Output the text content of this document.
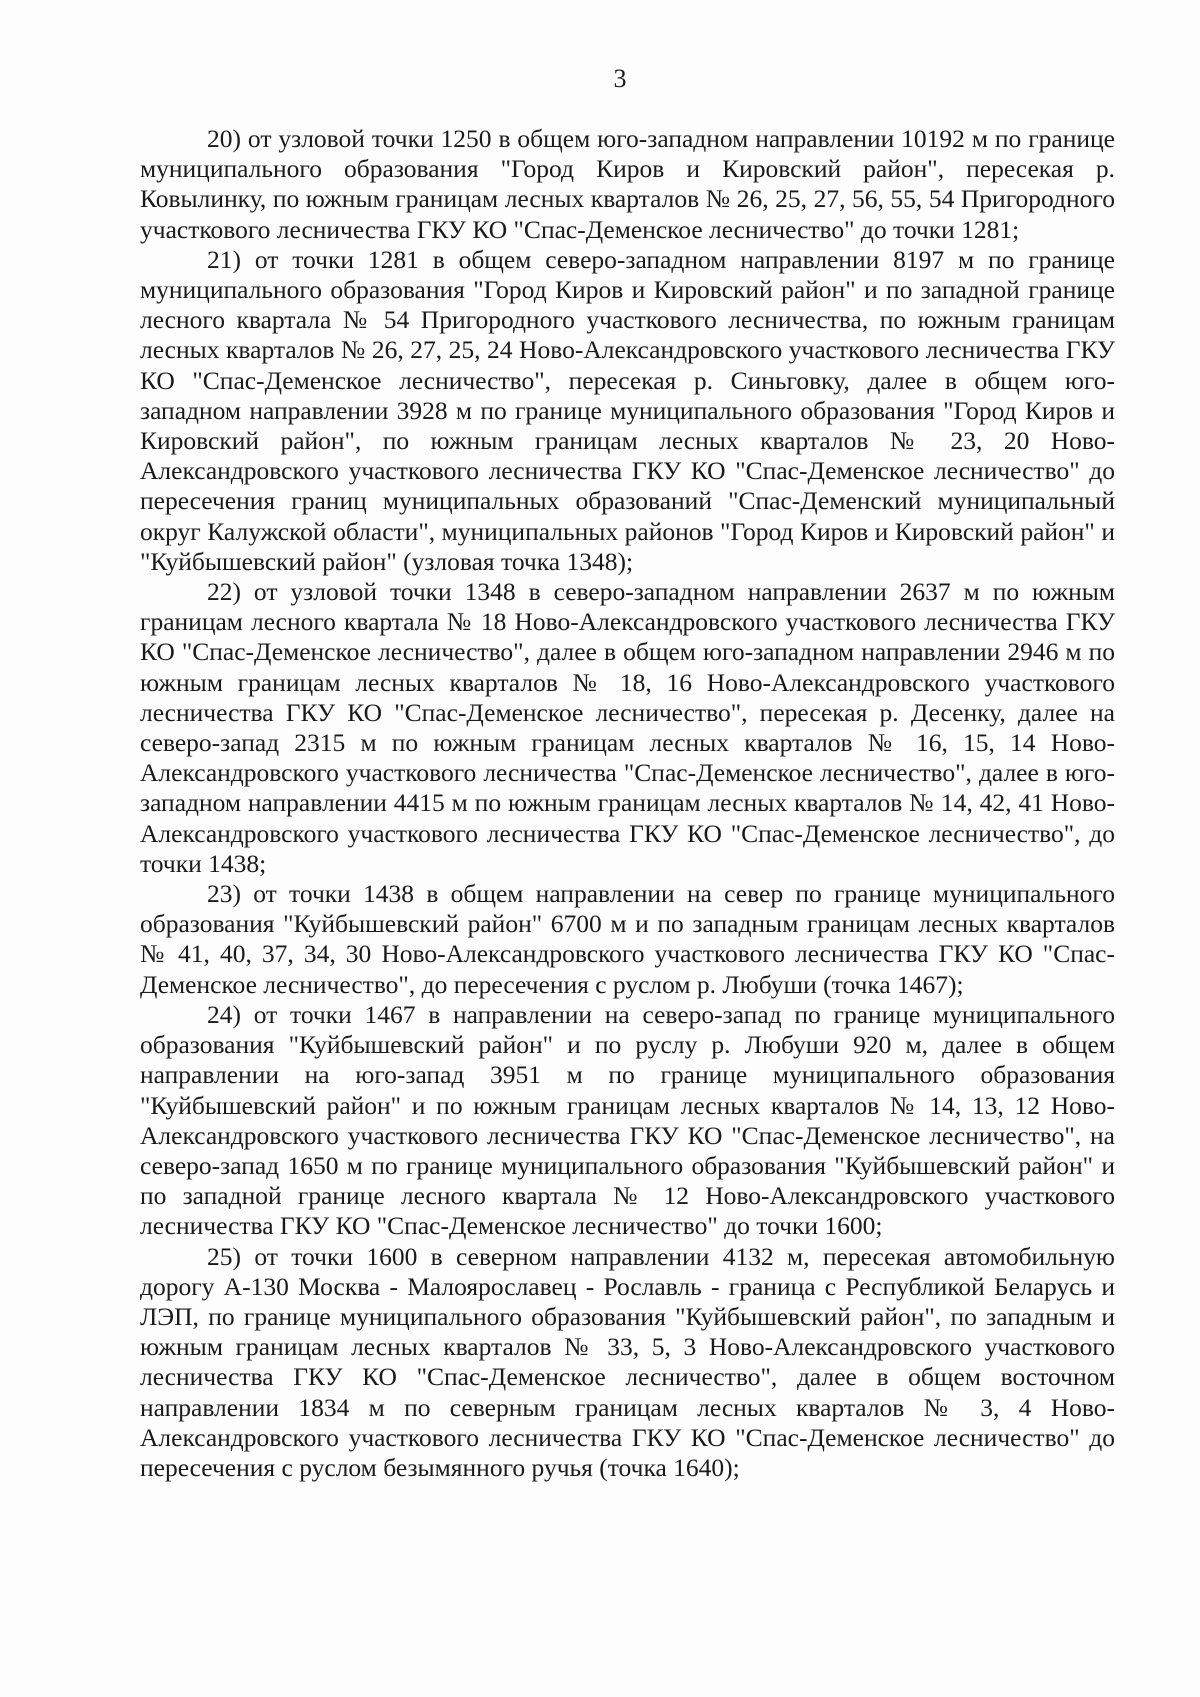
3

20) от узловой точки 1250 в общем юго-западном направлении 10192 м по границе муниципального образования "Город Киров и Кировский район", пересекая р. Ковылинку, по южным границам лесных кварталов № 26, 25, 27, 56, 55, 54 Пригородного участкового лесничества ГКУ КО "Спас-Деменское лесничество" до точки 1281;

21) от точки 1281 в общем северо-западном направлении 8197 м по границе муниципального образования "Город Киров и Кировский район" и по западной границе лесного квартала № 54 Пригородного участкового лесничества, по южным границам лесных кварталов № 26, 27, 25, 24 Ново-Александровского участкового лесничества ГКУ КО "Спас-Деменское лесничество", пересекая р. Синьговку, далее в общем юго-западном направлении 3928 м по границе муниципального образования "Город Киров и Кировский район", по южным границам лесных кварталов № 23, 20 Ново-Александровского участкового лесничества ГКУ КО "Спас-Деменское лесничество" до пересечения границ муниципальных образований "Спас-Деменский муниципальный округ Калужской области", муниципальных районов "Город Киров и Кировский район" и "Куйбышевский район" (узловая точка 1348);

22) от узловой точки 1348 в северо-западном направлении 2637 м по южным границам лесного квартала № 18 Ново-Александровского участкового лесничества ГКУ КО "Спас-Деменское лесничество", далее в общем юго-западном направлении 2946 м по южным границам лесных кварталов № 18, 16 Ново-Александровского участкового лесничества ГКУ КО "Спас-Деменское лесничество", пересекая р. Десенку, далее на северо-запад 2315 м по южным границам лесных кварталов № 16, 15, 14 Ново-Александровского участкового лесничества "Спас-Деменское лесничество", далее в юго-западном направлении 4415 м по южным границам лесных кварталов № 14, 42, 41 Ново-Александровского участкового лесничества ГКУ КО "Спас-Деменское лесничество", до точки 1438;

23) от точки 1438 в общем направлении на север по границе муниципального образования "Куйбышевский район" 6700 м и по западным границам лесных кварталов № 41, 40, 37, 34, 30 Ново-Александровского участкового лесничества ГКУ КО "Спас-Деменское лесничество", до пересечения с руслом р. Любуши (точка 1467);

24) от точки 1467 в направлении на северо-запад по границе муниципального образования "Куйбышевский район" и по руслу р. Любуши 920 м, далее в общем направлении на юго-запад 3951 м по границе муниципального образования "Куйбышевский район" и по южным границам лесных кварталов № 14, 13, 12 Ново-Александровского участкового лесничества ГКУ КО "Спас-Деменское лесничество", на северо-запад 1650 м по границе муниципального образования "Куйбышевский район" и по западной границе лесного квартала № 12 Ново-Александровского участкового лесничества ГКУ КО "Спас-Деменское лесничество" до точки 1600;

25) от точки 1600 в северном направлении 4132 м, пересекая автомобильную дорогу А-130 Москва - Малоярославец - Рославль - граница с Республикой Беларусь и ЛЭП, по границе муниципального образования "Куйбышевский район", по западным и южным границам лесных кварталов № 33, 5, 3 Ново-Александровского участкового лесничества ГКУ КО "Спас-Деменское лесничество", далее в общем восточном направлении 1834 м по северным границам лесных кварталов № 3, 4 Ново-Александровского участкового лесничества ГКУ КО "Спас-Деменское лесничество" до пересечения с руслом безымянного ручья (точка 1640);
